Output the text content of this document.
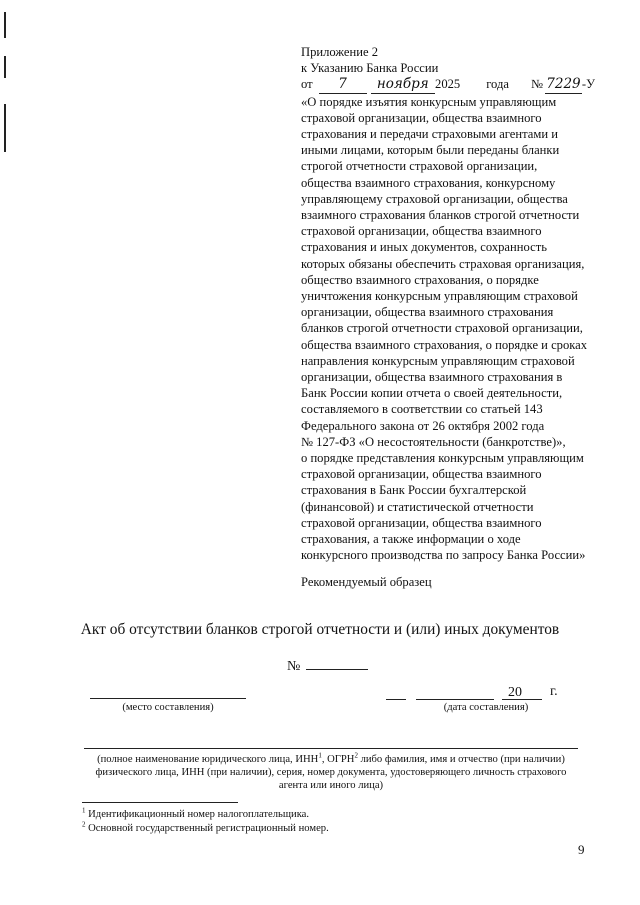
Приложение 2
к Указанию Банка России
от	7	ноября 2025 года № 7229 -У
«О порядке изъятия конкурсным управляющим
страховой организации, общества взаимного
страхования и передачи страховыми агентами и
иными лицами, которым были переданы бланки
строгой отчетности страховой организации,
общества взаимного страхования, конкурсному
управляющему страховой организации, общества
взаимного страхования бланков строгой отчетности
страховой организации, общества взаимного
страхования и иных документов, сохранность
которых обязаны обеспечить страховая организация,
общество взаимного страхования, о порядке
уничтожения конкурсным управляющим страховой
организации, общества взаимного страхования
бланков строгой отчетности страховой организации,
общества взаимного страхования, о порядке и сроках
направления конкурсным управляющим страховой
организации, общества взаимного страхования в
Банк России копии отчета о своей деятельности,
составляемого в соответствии со статьей 143
Федерального закона от 26 октября 2002 года
№ 127-ФЗ «О несостоятельности (банкротстве)»,
о порядке представления конкурсным управляющим
страховой организации, общества взаимного
страхования в Банк России бухгалтерской
(финансовой) и статистической отчетности
страховой организации, общества взаимного
страхования, а также информации о ходе
конкурсного производства по запросу Банка России»
Рекомендуемый образец
Акт об отсутствии бланков строгой отчетности и (или) иных документов
№
(место составления)
20 г.
(дата составления)
(полное наименование юридического лица, ИНН$^1$, ОГРН$^2$ либо фамилия, имя и отчество (при наличии)
физического лица, ИНН (при наличии), серия, номер документа, удостоверяющего личность страхового
агента или иного лица)
$^1$ Идентификационный номер налогоплательщика.
$^2$ Основной государственный регистрационный номер.
9
